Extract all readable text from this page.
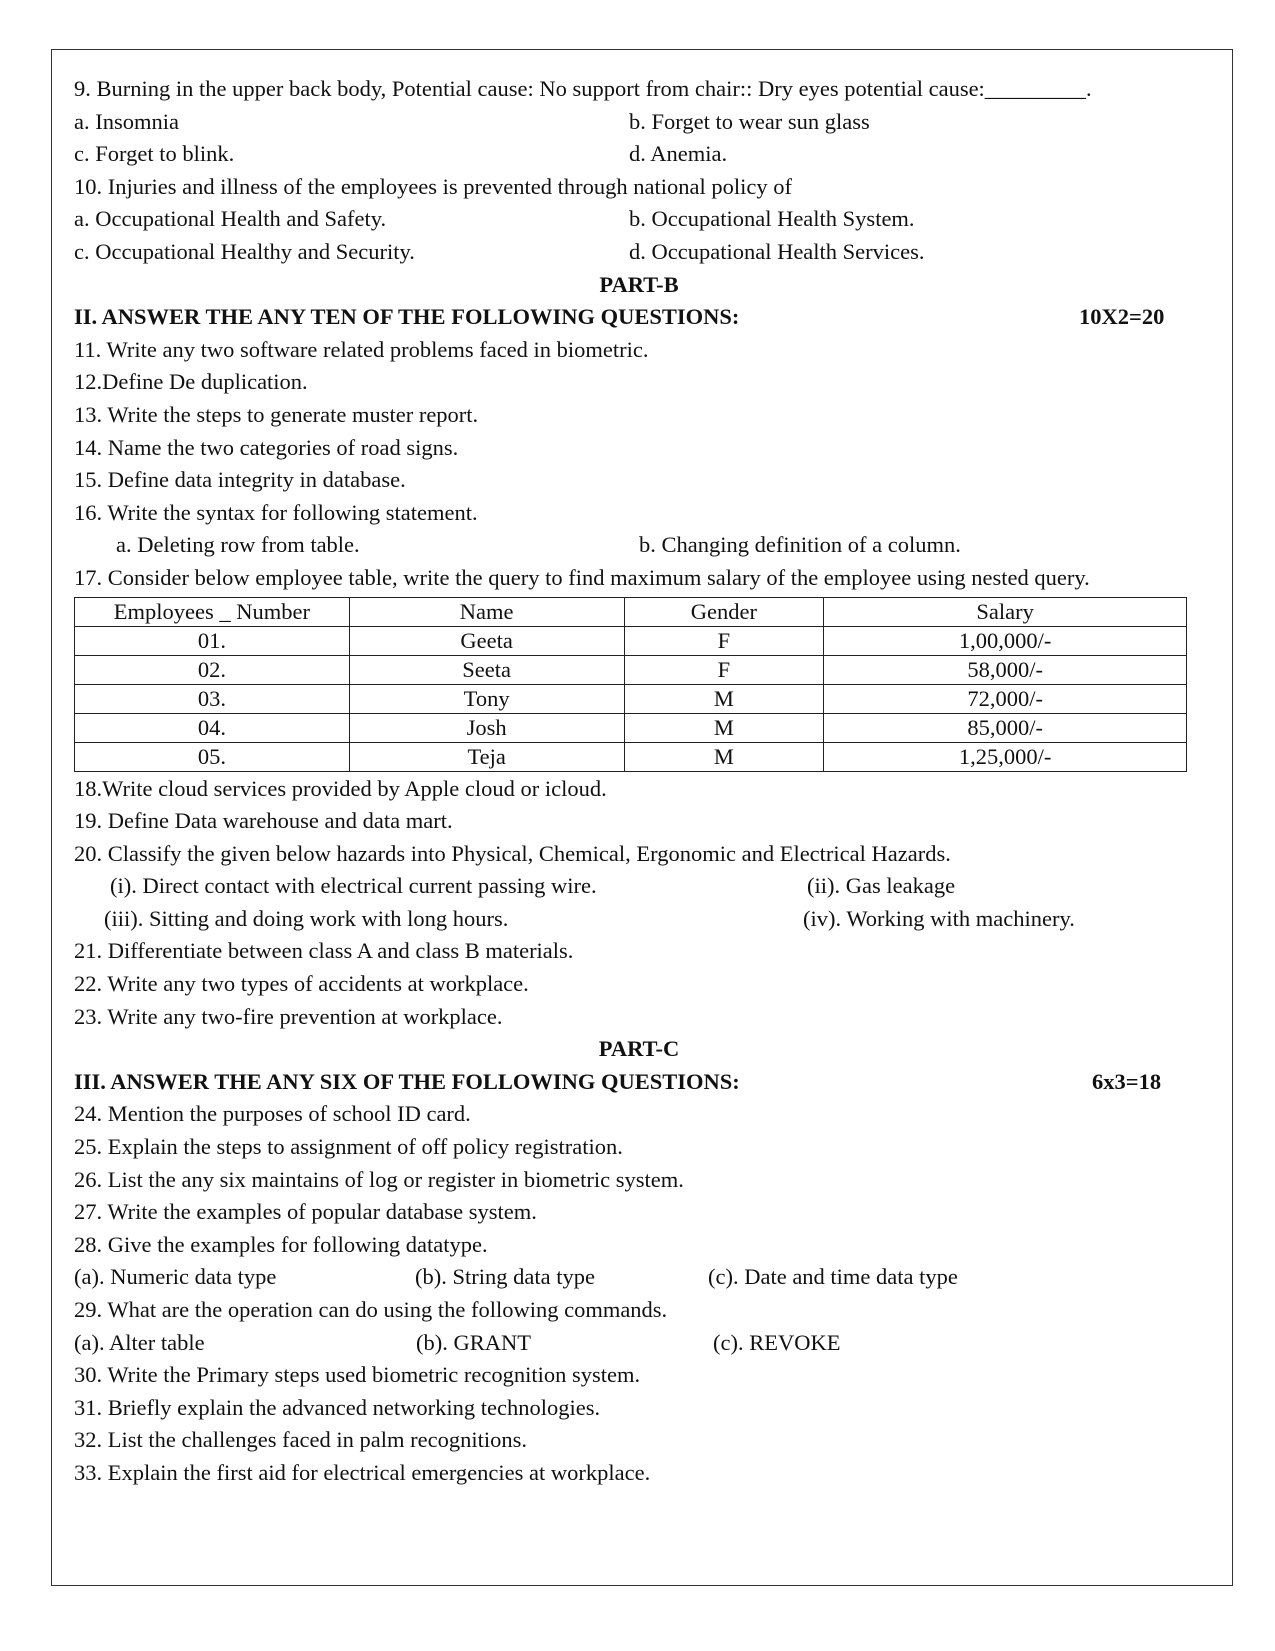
9. Burning in the upper back body, Potential cause: No support from chair:: Dry eyes potential cause:_________.
a. Insomnia	b. Forget to wear sun glass
c. Forget to blink.	d. Anemia.
10. Injuries and illness of the employees is prevented through national policy of
a. Occupational Health and Safety.	b. Occupational Health System.
c. Occupational Healthy and Security.	d. Occupational Health Services.
PART-B
II. ANSWER THE ANY TEN OF THE FOLLOWING QUESTIONS:	10X2=20
11. Write any two software related problems faced in biometric.
12.Define De duplication.
13. Write the steps to generate muster report.
14. Name the two categories of road signs.
15. Define data integrity in database.
16. Write the syntax for following statement.
a. Deleting row from table.	b. Changing definition of a column.
17. Consider below employee table, write the query to find maximum salary of the employee using nested query.
Employees _ Number	Name	Gender	Salary
01.	Geeta	F	1,00,000/-
02.	Seeta	F	58,000/-
03.	Tony	M	72,000/-
04.	Josh	M	85,000/-
05.	Teja	M	1,25,000/-
18.Write cloud services provided by Apple cloud or icloud.
19. Define Data warehouse and data mart.
20. Classify the given below hazards into Physical, Chemical, Ergonomic and Electrical Hazards.
(i). Direct contact with electrical current passing wire.	(ii). Gas leakage
(iii). Sitting and doing work with long hours.	(iv). Working with machinery.
21. Differentiate between class A and class B materials.
22. Write any two types of accidents at workplace.
23. Write any two-fire prevention at workplace.
PART-C
III. ANSWER THE ANY SIX OF THE FOLLOWING QUESTIONS:	6x3=18
24. Mention the purposes of school ID card.
25. Explain the steps to assignment of off policy registration.
26. List the any six maintains of log or register in biometric system.
27. Write the examples of popular database system.
28. Give the examples for following datatype.
(a). Numeric data type	(b). String data type	(c). Date and time data type
29. What are the operation can do using the following commands.
(a). Alter table	(b). GRANT	(c). REVOKE
30. Write the Primary steps used biometric recognition system.
31. Briefly explain the advanced networking technologies.
32. List the challenges faced in palm recognitions.
33. Explain the first aid for electrical emergencies at workplace.
